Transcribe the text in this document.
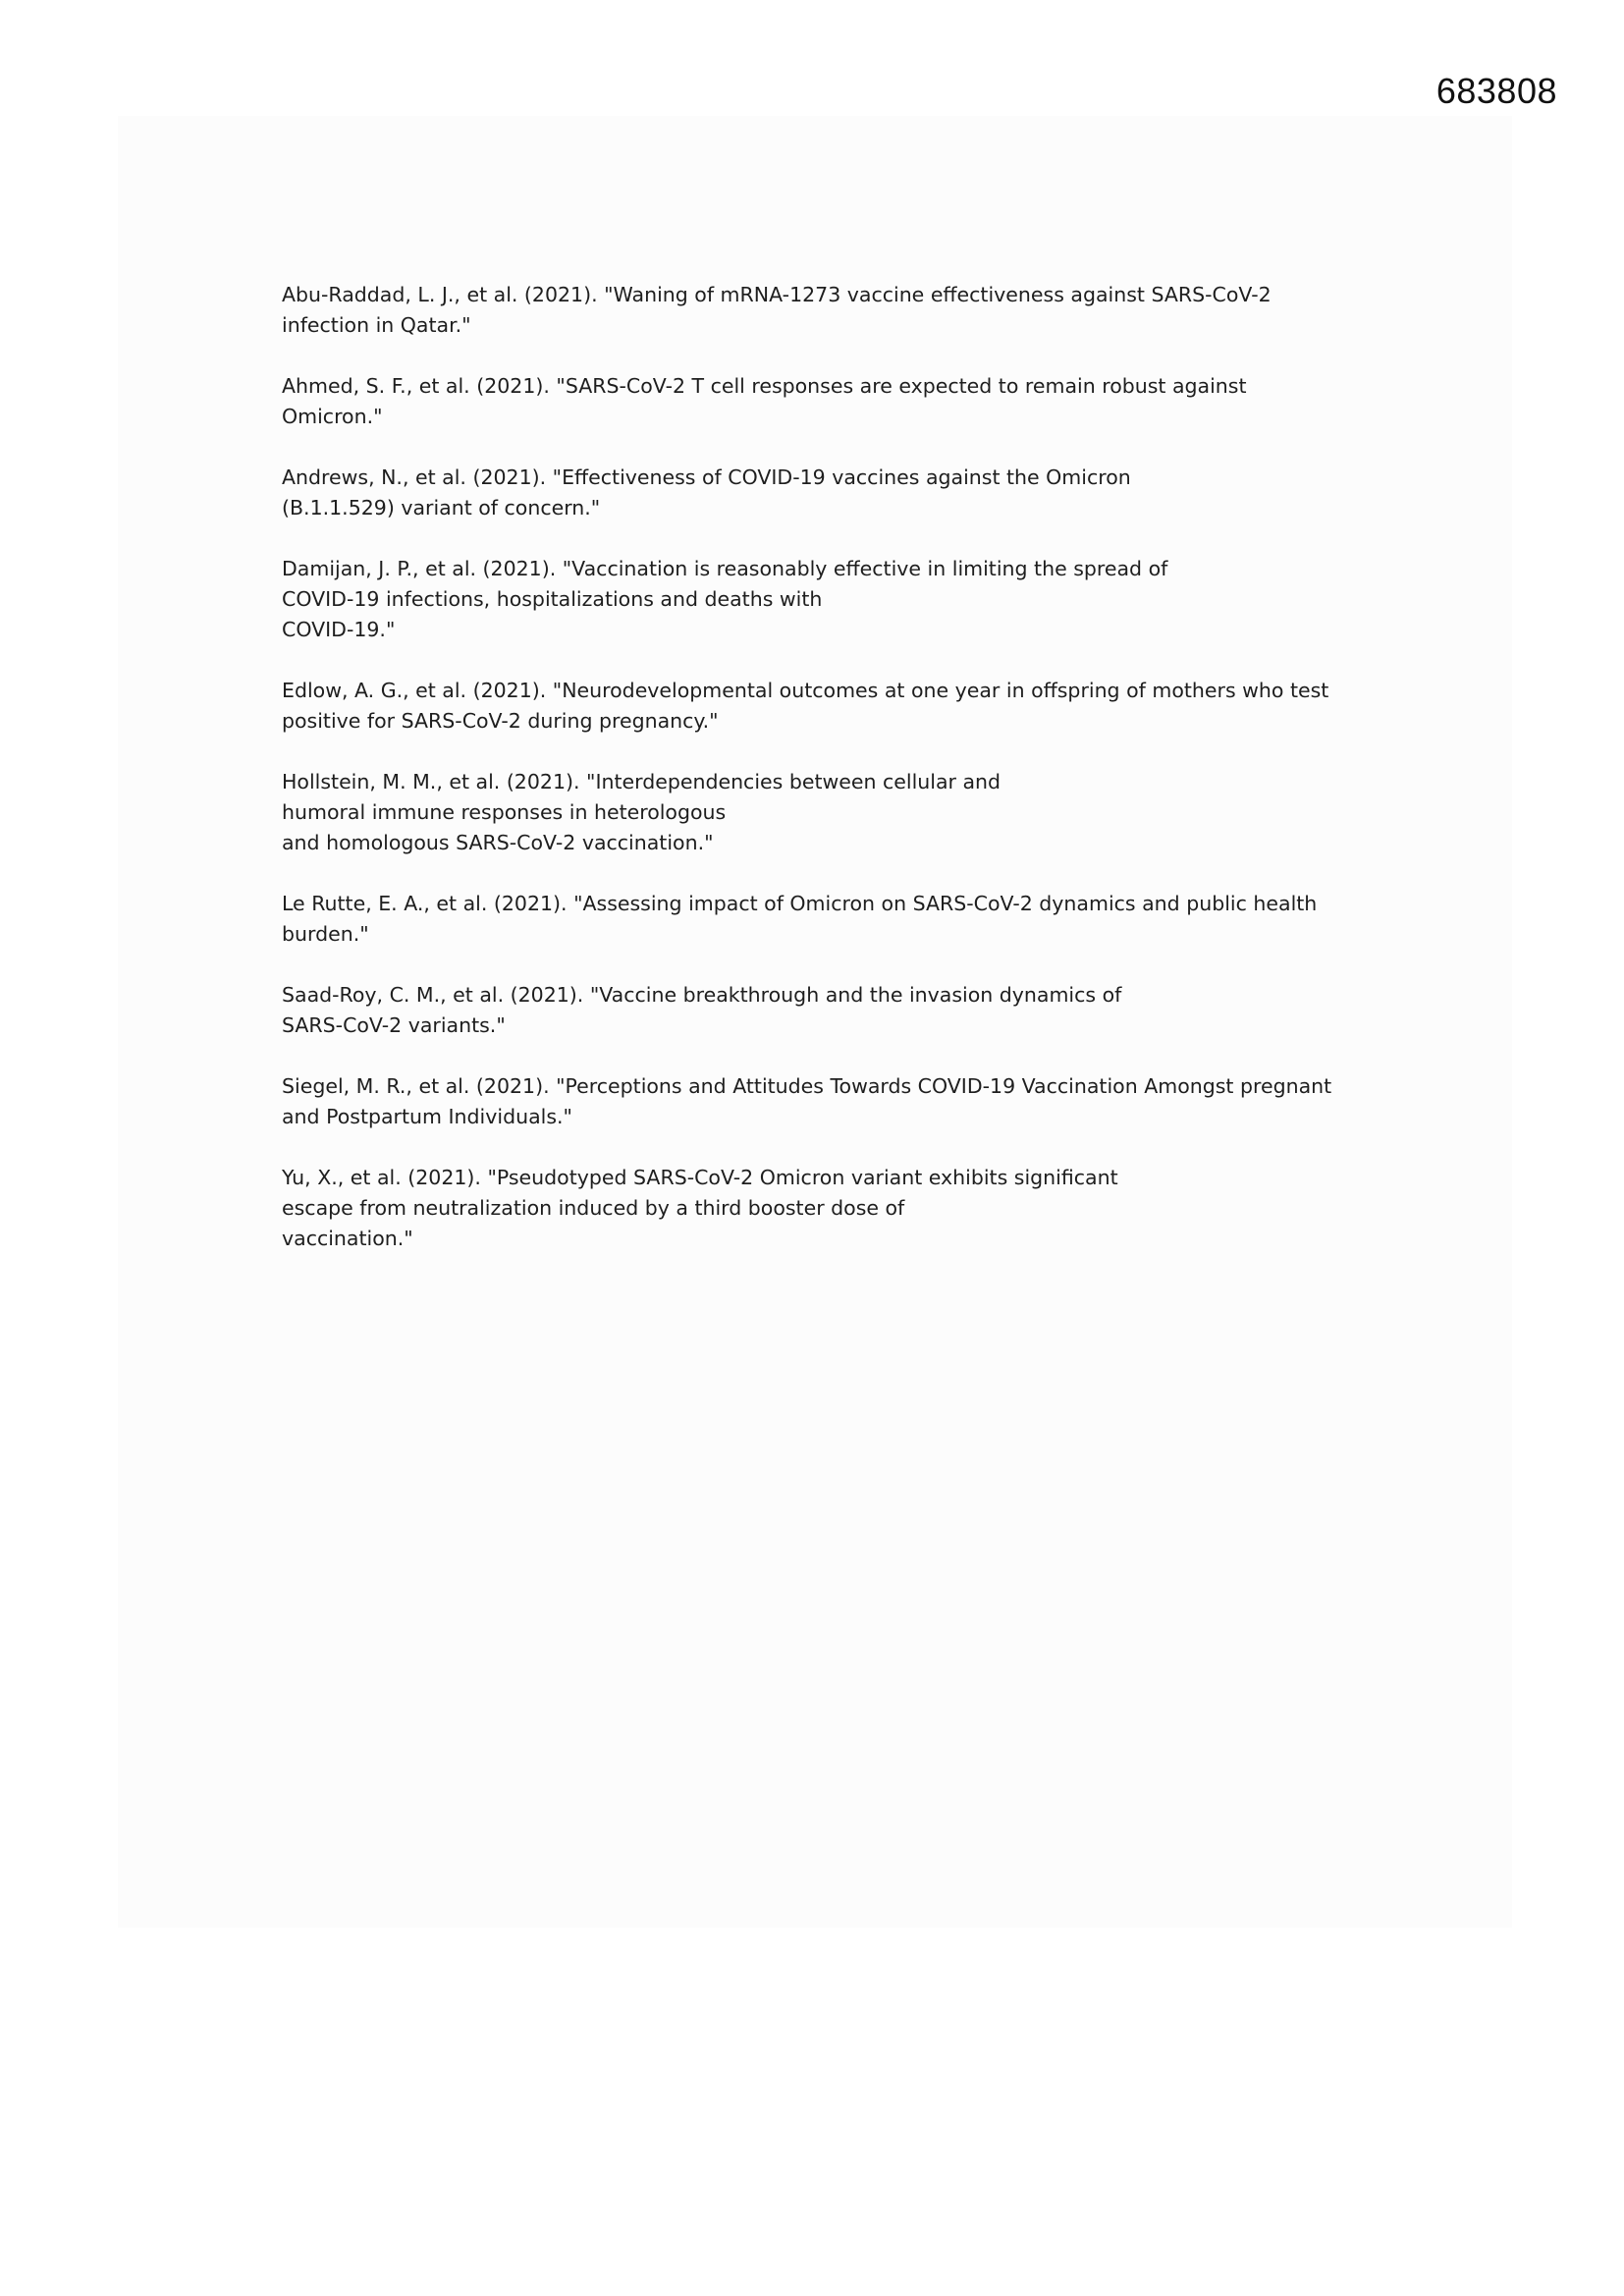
683808
Abu-Raddad, L. J., et al. (2021). "Waning of mRNA-1273 vaccine effectiveness against SARS-CoV-2
infection in Qatar."
Ahmed, S. F., et al. (2021). "SARS-CoV-2 T cell responses are expected to remain robust against
Omicron."
Andrews, N., et al. (2021). "Effectiveness of COVID-19 vaccines against the Omicron
(B.1.1.529) variant of concern."
Damijan, J. P., et al. (2021). "Vaccination is reasonably effective in limiting the spread of
COVID-19 infections, hospitalizations and deaths with
COVID-19."
Edlow, A. G., et al. (2021). "Neurodevelopmental outcomes at one year in offspring of mothers who test
positive for SARS-CoV-2 during pregnancy."
Hollstein, M. M., et al. (2021). "Interdependencies between cellular and
humoral immune responses in heterologous
and homologous SARS-CoV-2 vaccination."
Le Rutte, E. A., et al. (2021). "Assessing impact of Omicron on SARS-CoV-2 dynamics and public health
burden."
Saad-Roy, C. M., et al. (2021). "Vaccine breakthrough and the invasion dynamics of
SARS-CoV-2 variants."
Siegel, M. R., et al. (2021). "Perceptions and Attitudes Towards COVID-19 Vaccination Amongst pregnant
and Postpartum Individuals."
Yu, X., et al. (2021). "Pseudotyped SARS-CoV-2 Omicron variant exhibits significant
escape from neutralization induced by a third booster dose of
vaccination."
